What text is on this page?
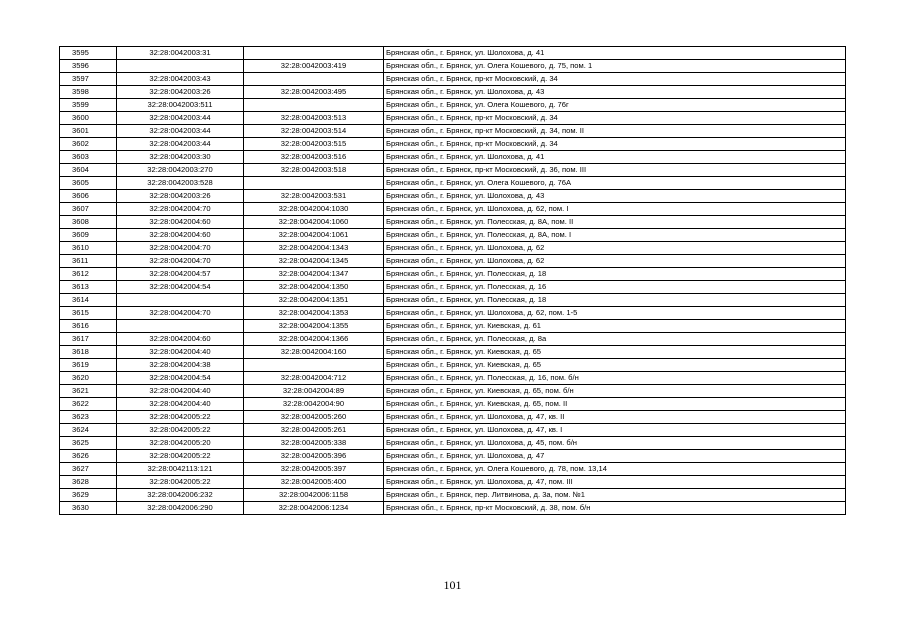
3595	32:28:0042003:31		Брянская обл., г. Брянск, ул. Шолохова, д. 41
3596		32:28:0042003:419	Брянская обл., г. Брянск, ул. Олега Кошевого, д. 75, пом. 1
3597	32:28:0042003:43		Брянская обл., г. Брянск, пр-кт Московский, д. 34
3598	32:28:0042003:26	32:28:0042003:495	Брянская обл., г. Брянск, ул. Шолохова, д. 43
3599	32:28:0042003:511		Брянская обл., г. Брянск, ул. Олега Кошевого, д. 76г
3600	32:28:0042003:44	32:28:0042003:513	Брянская обл., г. Брянск, пр-кт Московский, д. 34
3601	32:28:0042003:44	32:28:0042003:514	Брянская обл., г. Брянск, пр-кт Московский, д. 34, пом. II
3602	32:28:0042003:44	32:28:0042003:515	Брянская обл., г. Брянск, пр-кт Московский, д. 34
3603	32:28:0042003:30	32:28:0042003:516	Брянская обл., г. Брянск, ул. Шолохова, д. 41
3604	32:28:0042003:270	32:28:0042003:518	Брянская обл., г. Брянск, пр-кт Московский, д. 36, пом. III
3605	32:28:0042003:528		Брянская обл., г. Брянск, ул. Олега Кошевого, д. 76А
3606	32:28:0042003:26	32:28:0042003:531	Брянская обл., г. Брянск, ул. Шолохова, д. 43
3607	32:28:0042004:70	32:28:0042004:1030	Брянская обл., г. Брянск, ул. Шолохова, д. 62, пом. I
3608	32:28:0042004:60	32:28:0042004:1060	Брянская обл., г. Брянск, ул. Полесская, д. 8А, пом. II
3609	32:28:0042004:60	32:28:0042004:1061	Брянская обл., г. Брянск, ул. Полесская, д. 8А, пом. I
3610	32:28:0042004:70	32:28:0042004:1343	Брянская обл., г. Брянск, ул. Шолохова, д. 62
3611	32:28:0042004:70	32:28:0042004:1345	Брянская обл., г. Брянск, ул. Шолохова, д. 62
3612	32:28:0042004:57	32:28:0042004:1347	Брянская обл., г. Брянск, ул. Полесская, д. 18
3613	32:28:0042004:54	32:28:0042004:1350	Брянская обл., г. Брянск, ул. Полесская, д. 16
3614		32:28:0042004:1351	Брянская обл., г. Брянск, ул. Полесская, д. 18
3615	32:28:0042004:70	32:28:0042004:1353	Брянская обл., г. Брянск, ул. Шолохова, д. 62, пом. 1-5
3616		32:28:0042004:1355	Брянская обл., г. Брянск, ул. Киевская, д. 61
3617	32:28:0042004:60	32:28:0042004:1366	Брянская обл., г. Брянск, ул. Полесская, д. 8а
3618	32:28:0042004:40	32:28:0042004:160	Брянская обл., г. Брянск, ул. Киевская, д. 65
3619	32:28:0042004:38		Брянская обл., г. Брянск, ул. Киевская, д. 65
3620	32:28:0042004:54	32:28:0042004:712	Брянская обл., г. Брянск, ул. Полесская, д. 16, пом. б/н
3621	32:28:0042004:40	32:28:0042004:89	Брянская обл., г. Брянск, ул. Киевская, д. 65, пом. б/н
3622	32:28:0042004:40	32:28:0042004:90	Брянская обл., г. Брянск, ул. Киевская, д. 65, пом. II
3623	32:28:0042005:22	32:28:0042005:260	Брянская обл., г. Брянск, ул. Шолохова, д. 47, кв. II
3624	32:28:0042005:22	32:28:0042005:261	Брянская обл., г. Брянск, ул. Шолохова, д. 47, кв. I
3625	32:28:0042005:20	32:28:0042005:338	Брянская обл., г. Брянск, ул. Шолохова, д. 45, пом. б/н
3626	32:28:0042005:22	32:28:0042005:396	Брянская обл., г. Брянск, ул. Шолохова, д. 47
3627	32:28:0042113:121	32:28:0042005:397	Брянская обл., г. Брянск, ул. Олега Кошевого, д. 78, пом. 13,14
3628	32:28:0042005:22	32:28:0042005:400	Брянская обл., г. Брянск, ул. Шолохова, д. 47, пом. III
3629	32:28:0042006:232	32:28:0042006:1158	Брянская обл., г. Брянск, пер. Литвинова, д. 3а, пом. №1
3630	32:28:0042006:290	32:28:0042006:1234	Брянская обл., г. Брянск, пр-кт Московский, д. 38, пом. б/н
101
